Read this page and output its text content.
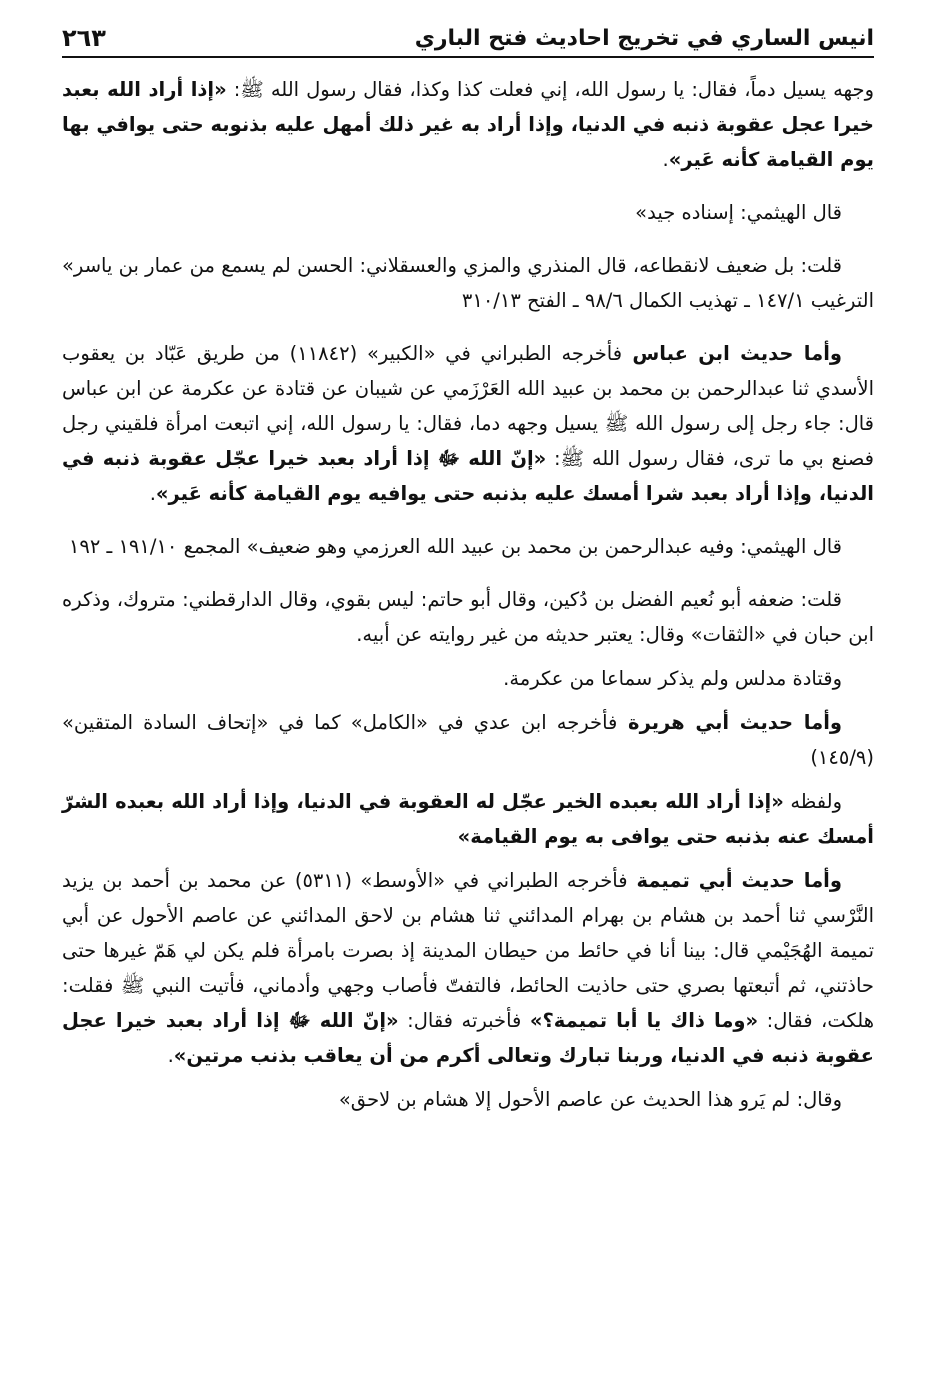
انيس الساري في تخريج احاديث فتح الباري
٢٦٣

وجهه يسيل دماً، فقال: يا رسول الله، إني فعلت كذا وكذا، فقال رسول الله ﷺ: «إذا أراد الله بعبد خيرا عجل عقوبة ذنبه في الدنيا، وإذا أراد به غير ذلك أمهل عليه بذنوبه حتى يوافي بها يوم القيامة كأنه عَير».

قال الهيثمي: إسناده جيد»

قلت: بل ضعيف لانقطاعه، قال المنذري والمزي والعسقلاني: الحسن لم يسمع من عمار بن ياسر» الترغيب ١٤٧/١ ـ تهذيب الكمال ٩٨/٦ ـ الفتح ٣١٠/١٣

وأما حديث ابن عباس فأخرجه الطبراني في «الكبير» (١١٨٤٢) من طريق عَبّاد بن يعقوب الأسدي ثنا عبدالرحمن بن محمد بن عبيد الله العَرْزَمي عن شيبان عن قتادة عن عكرمة عن ابن عباس قال: جاء رجل إلى رسول الله ﷺ يسيل وجهه دما، فقال: يا رسول الله، إني اتبعت امرأة فلقيني رجل فصنع بي ما ترى، فقال رسول الله ﷺ: «إنّ الله ﷻ إذا أراد بعبد خيرا عجّل عقوبة ذنبه في الدنيا، وإذا أراد بعبد شرا أمسك عليه بذنبه حتى يوافيه يوم القيامة كأنه عَير».

قال الهيثمي: وفيه عبدالرحمن بن محمد بن عبيد الله العرزمي وهو ضعيف» المجمع ١٩١/١٠ ـ ١٩٢

قلت: ضعفه أبو نُعيم الفضل بن دُكين، وقال أبو حاتم: ليس بقوي، وقال الدارقطني: متروك، وذكره ابن حبان في «الثقات» وقال: يعتبر حديثه من غير روايته عن أبيه.

وقتادة مدلس ولم يذكر سماعا من عكرمة.

وأما حديث أبي هريرة فأخرجه ابن عدي في «الكامل» كما في «إتحاف السادة المتقين» (١٤٥/٩)

ولفظه «إذا أراد الله بعبده الخير عجّل له العقوبة في الدنيا، وإذا أراد الله بعبده الشرّ أمسك عنه بذنبه حتى يوافى به يوم القيامة»

وأما حديث أبي تميمة فأخرجه الطبراني في «الأوسط» (٥٣١١) عن محمد بن أحمد بن يزيد النَّرْسي ثنا أحمد بن هشام بن بهرام المدائني ثنا هشام بن لاحق المدائني عن عاصم الأحول عن أبي تميمة الهُجَيْمي قال: بينا أنا في حائط من حيطان المدينة إذ بصرت بامرأة فلم يكن لي هَمّ غيرها حتى حاذتني، ثم أتبعتها بصري حتى حاذيت الحائط، فالتفتّ فأصاب وجهي وأدماني، فأتيت النبي ﷺ فقلت: هلكت، فقال: «وما ذاك يا أبا تميمة؟» فأخبرته فقال: «إنّ الله ﷻ إذا أراد بعبد خيرا عجل عقوبة ذنبه في الدنيا، وربنا تبارك وتعالى أكرم من أن يعاقب بذنب مرتين».

وقال: لم يَرو هذا الحديث عن عاصم الأحول إلا هشام بن لاحق»
